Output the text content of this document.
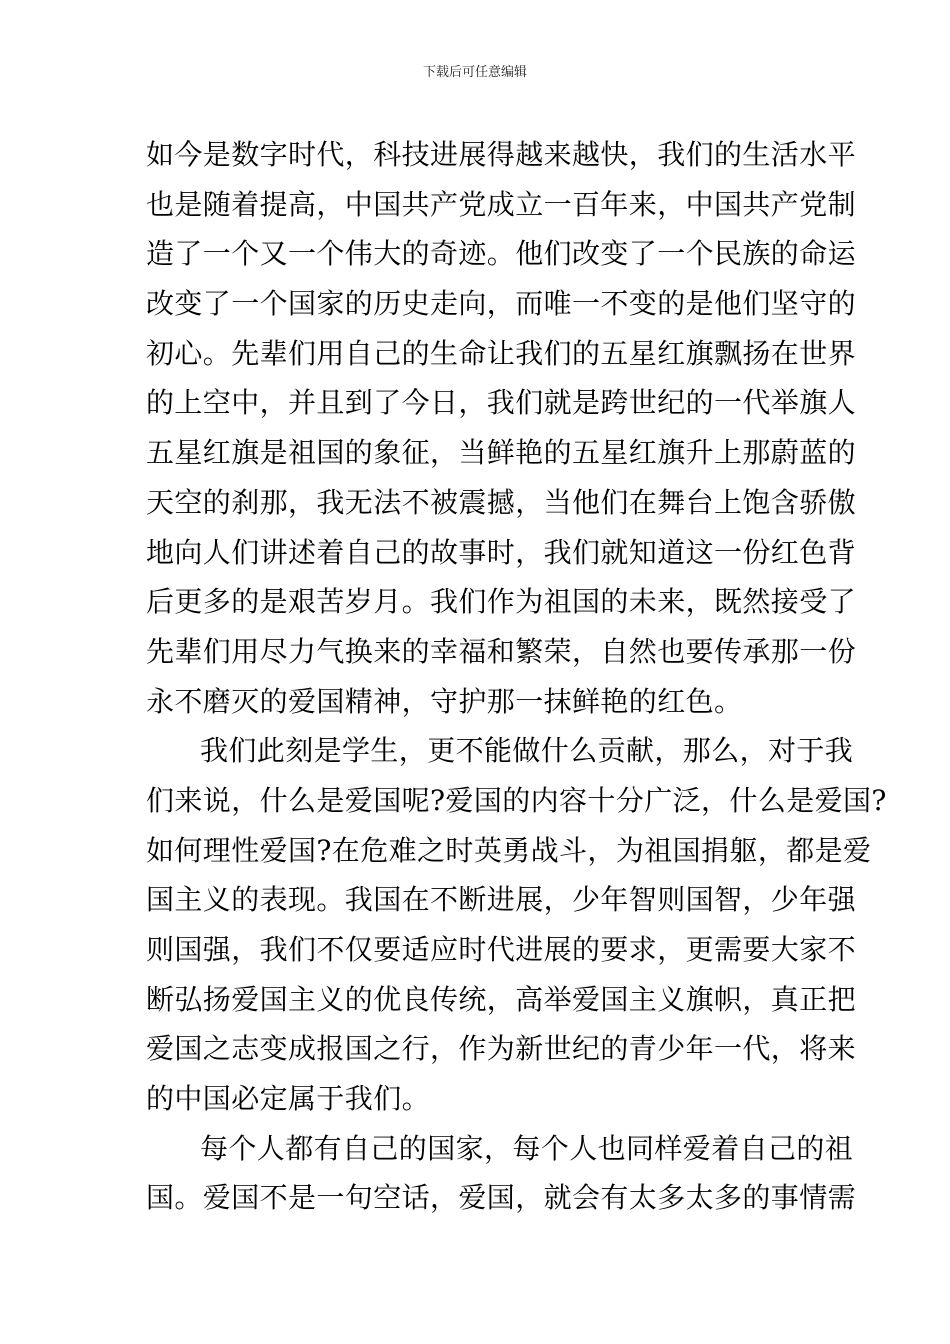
下载后可任意编辑
如今是数字时代，科技进展得越来越快，我们的生活水平
也是随着提高，中国共产党成立一百年来，中国共产党制
造了一个又一个伟大的奇迹。他们改变了一个民族的命运
改变了一个国家的历史走向，而唯一不变的是他们坚守的
初心。先辈们用自己的生命让我们的五星红旗飘扬在世界
的上空中，并且到了今日，我们就是跨世纪的一代举旗人
五星红旗是祖国的象征，当鲜艳的五星红旗升上那蔚蓝的
天空的刹那，我无法不被震撼，当他们在舞台上饱含骄傲
地向人们讲述着自己的故事时，我们就知道这一份红色背
后更多的是艰苦岁月。我们作为祖国的未来，既然接受了
先辈们用尽力气换来的幸福和繁荣，自然也要传承那一份
永不磨灭的爱国精神，守护那一抹鲜艳的红色。
我们此刻是学生，更不能做什么贡献，那么，对于我
们来说，什么是爱国呢?爱国的内容十分广泛，什么是爱国?
如何理性爱国?在危难之时英勇战斗，为祖国捐躯，都是爱
国主义的表现。我国在不断进展，少年智则国智，少年强
则国强，我们不仅要适应时代进展的要求，更需要大家不
断弘扬爱国主义的优良传统，高举爱国主义旗帜，真正把
爱国之志变成报国之行，作为新世纪的青少年一代，将来
的中国必定属于我们。
每个人都有自己的国家，每个人也同样爱着自己的祖
国。爱国不是一句空话，爱国，就会有太多太多的事情需
